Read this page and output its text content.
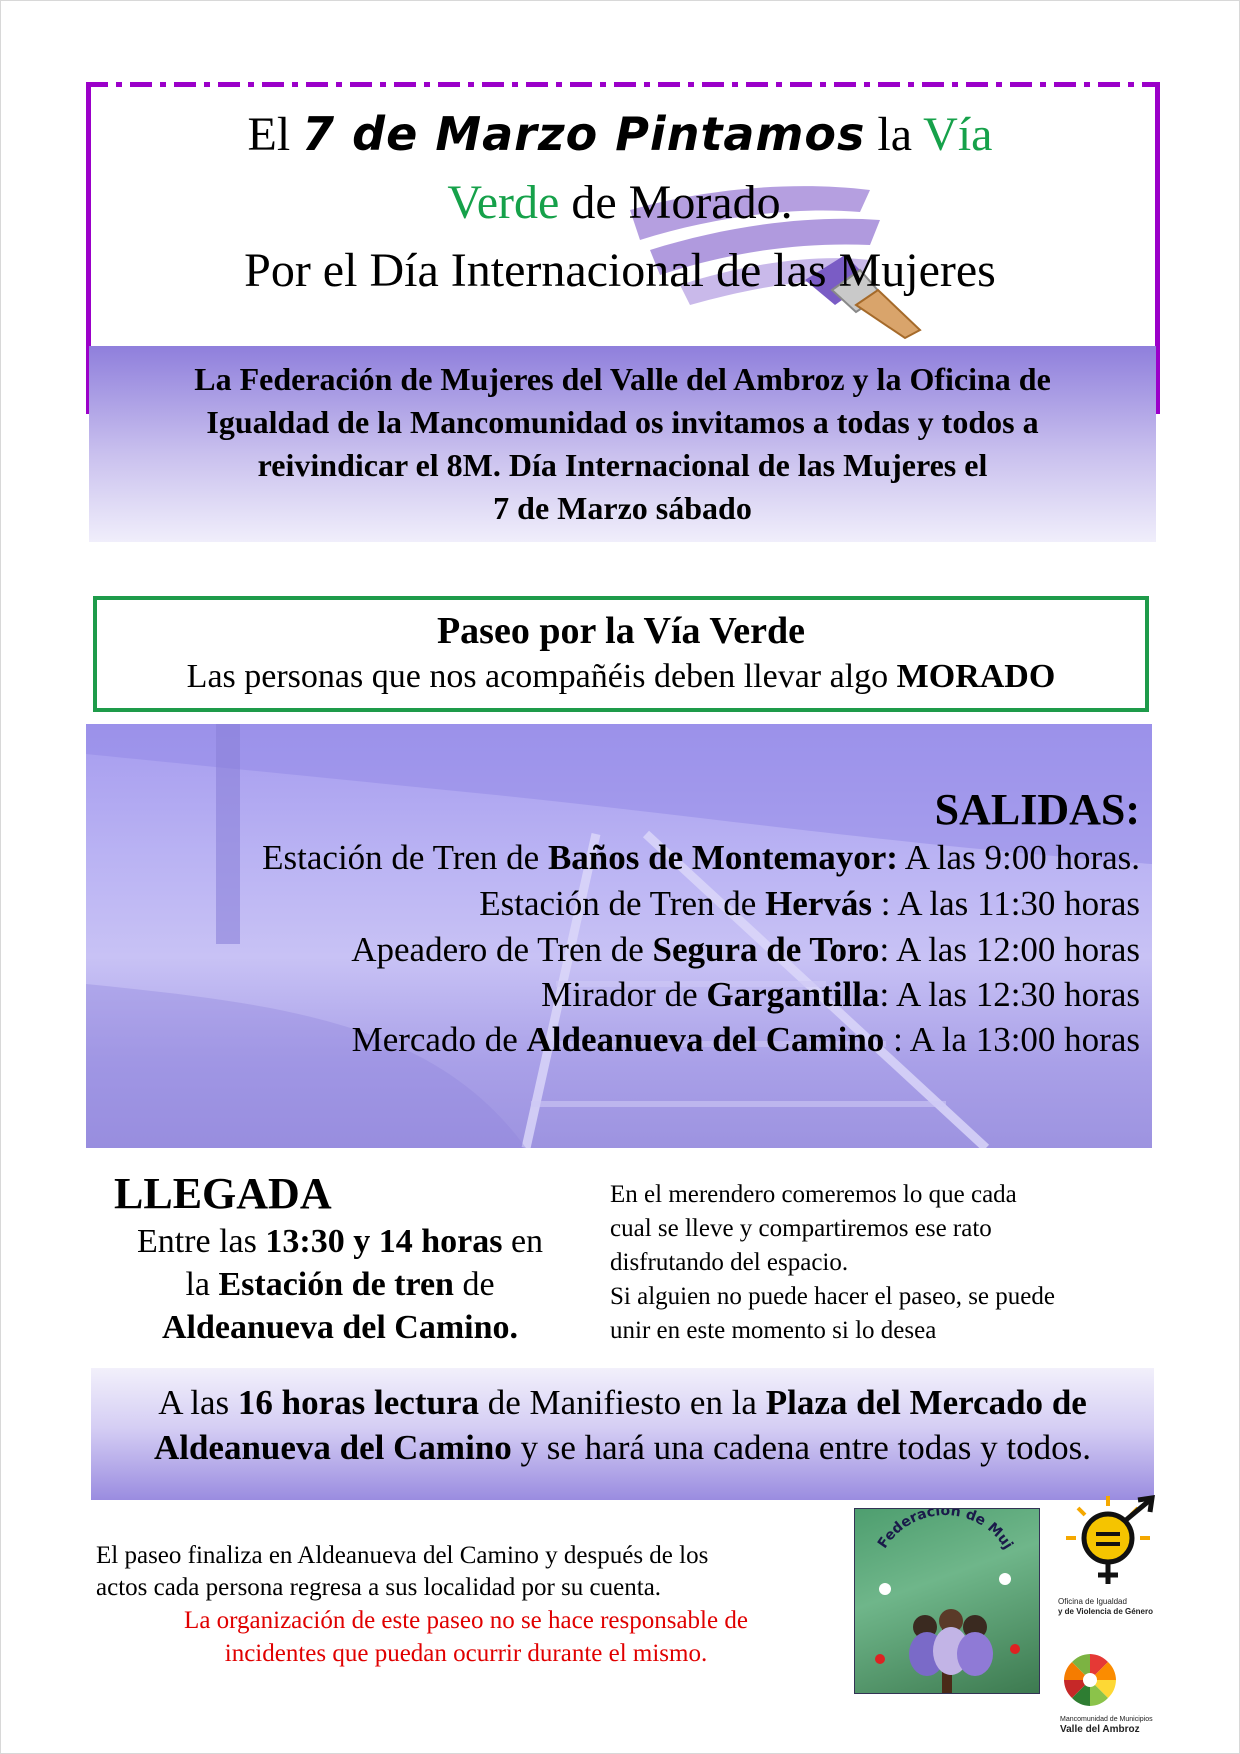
El 7 de Marzo Pintamos la Vía
Verde de Morado.
Por el Día Internacional de las Mujeres
La Federación de Mujeres del Valle del Ambroz y la Oficina de
Igualdad de la Mancomunidad os invitamos a todas y todos a
reivindicar el 8M. Día Internacional de las Mujeres el
7 de Marzo sábado
Paseo por la Vía Verde
Las personas que nos acompañéis deben llevar algo MORADO
SALIDAS:
Estación de Tren de Baños de Montemayor: A las 9:00 horas.
Estación de Tren de Hervás : A las 11:30 horas
Apeadero de Tren de Segura de Toro: A las 12:00 horas
Mirador de Gargantilla: A las 12:30 horas
Mercado de Aldeanueva del Camino : A la 13:00 horas
LLEGADA
Entre las 13:30 y 14 horas en
la Estación de tren de
Aldeanueva del Camino.
En el merendero comeremos lo que cada
cual se lleve y compartiremos ese rato
disfrutando del espacio.
Si alguien no puede hacer el paseo, se puede
unir en este momento si lo desea
A las 16 horas lectura de Manifiesto en la Plaza del Mercado de
Aldeanueva del Camino y se hará una cadena entre todas y todos.
El paseo finaliza en Aldeanueva del Camino y después de los
actos cada persona regresa a sus localidad por su cuenta.
La organización de este paseo no se hace responsable de
incidentes que puedan ocurrir durante el mismo.
Federación de Muj
Oficina de Igualdad
y de Violencia de Género
Mancomunidad de Municipios
Valle del Ambroz
